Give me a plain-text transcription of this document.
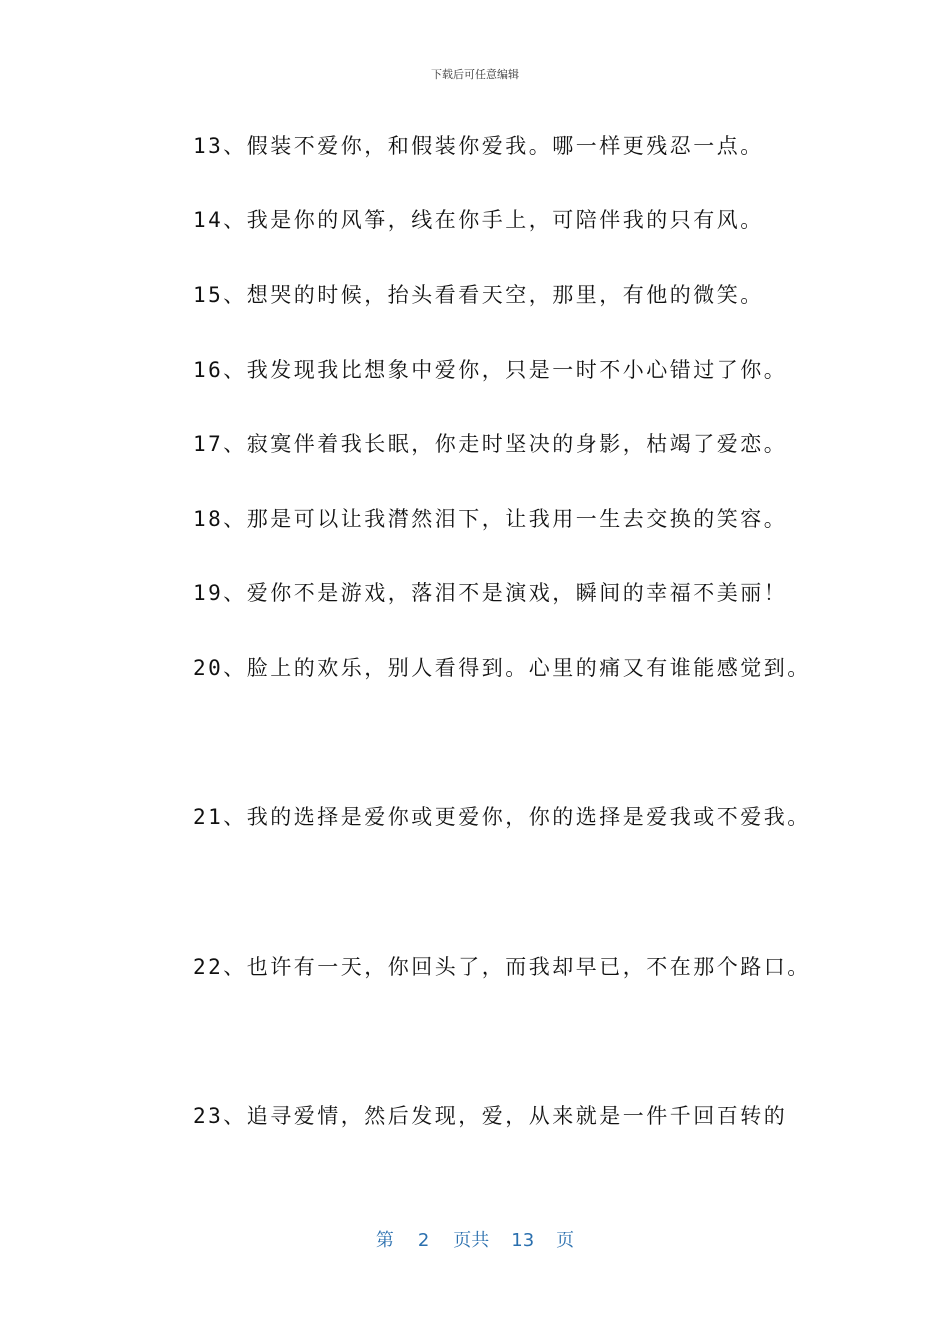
下载后可任意编辑
13、假装不爱你，和假装你爱我。哪一样更残忍一点。
14、我是你的风筝，线在你手上，可陪伴我的只有风。
15、想哭的时候，抬头看看天空，那里，有他的微笑。
16、我发现我比想象中爱你，只是一时不小心错过了你。
17、寂寞伴着我长眠，你走时坚决的身影，枯竭了爱恋。
18、那是可以让我潸然泪下，让我用一生去交换的笑容。
19、爱你不是游戏，落泪不是演戏，瞬间的幸福不美丽！
20、脸上的欢乐，别人看得到。心里的痛又有谁能感觉到。
21、我的选择是爱你或更爱你，你的选择是爱我或不爱我。
22、也许有一天，你回头了，而我却早已，不在那个路口。
23、追寻爱情，然后发现，爱，从来就是一件千回百转的
第 2 页共 13 页
